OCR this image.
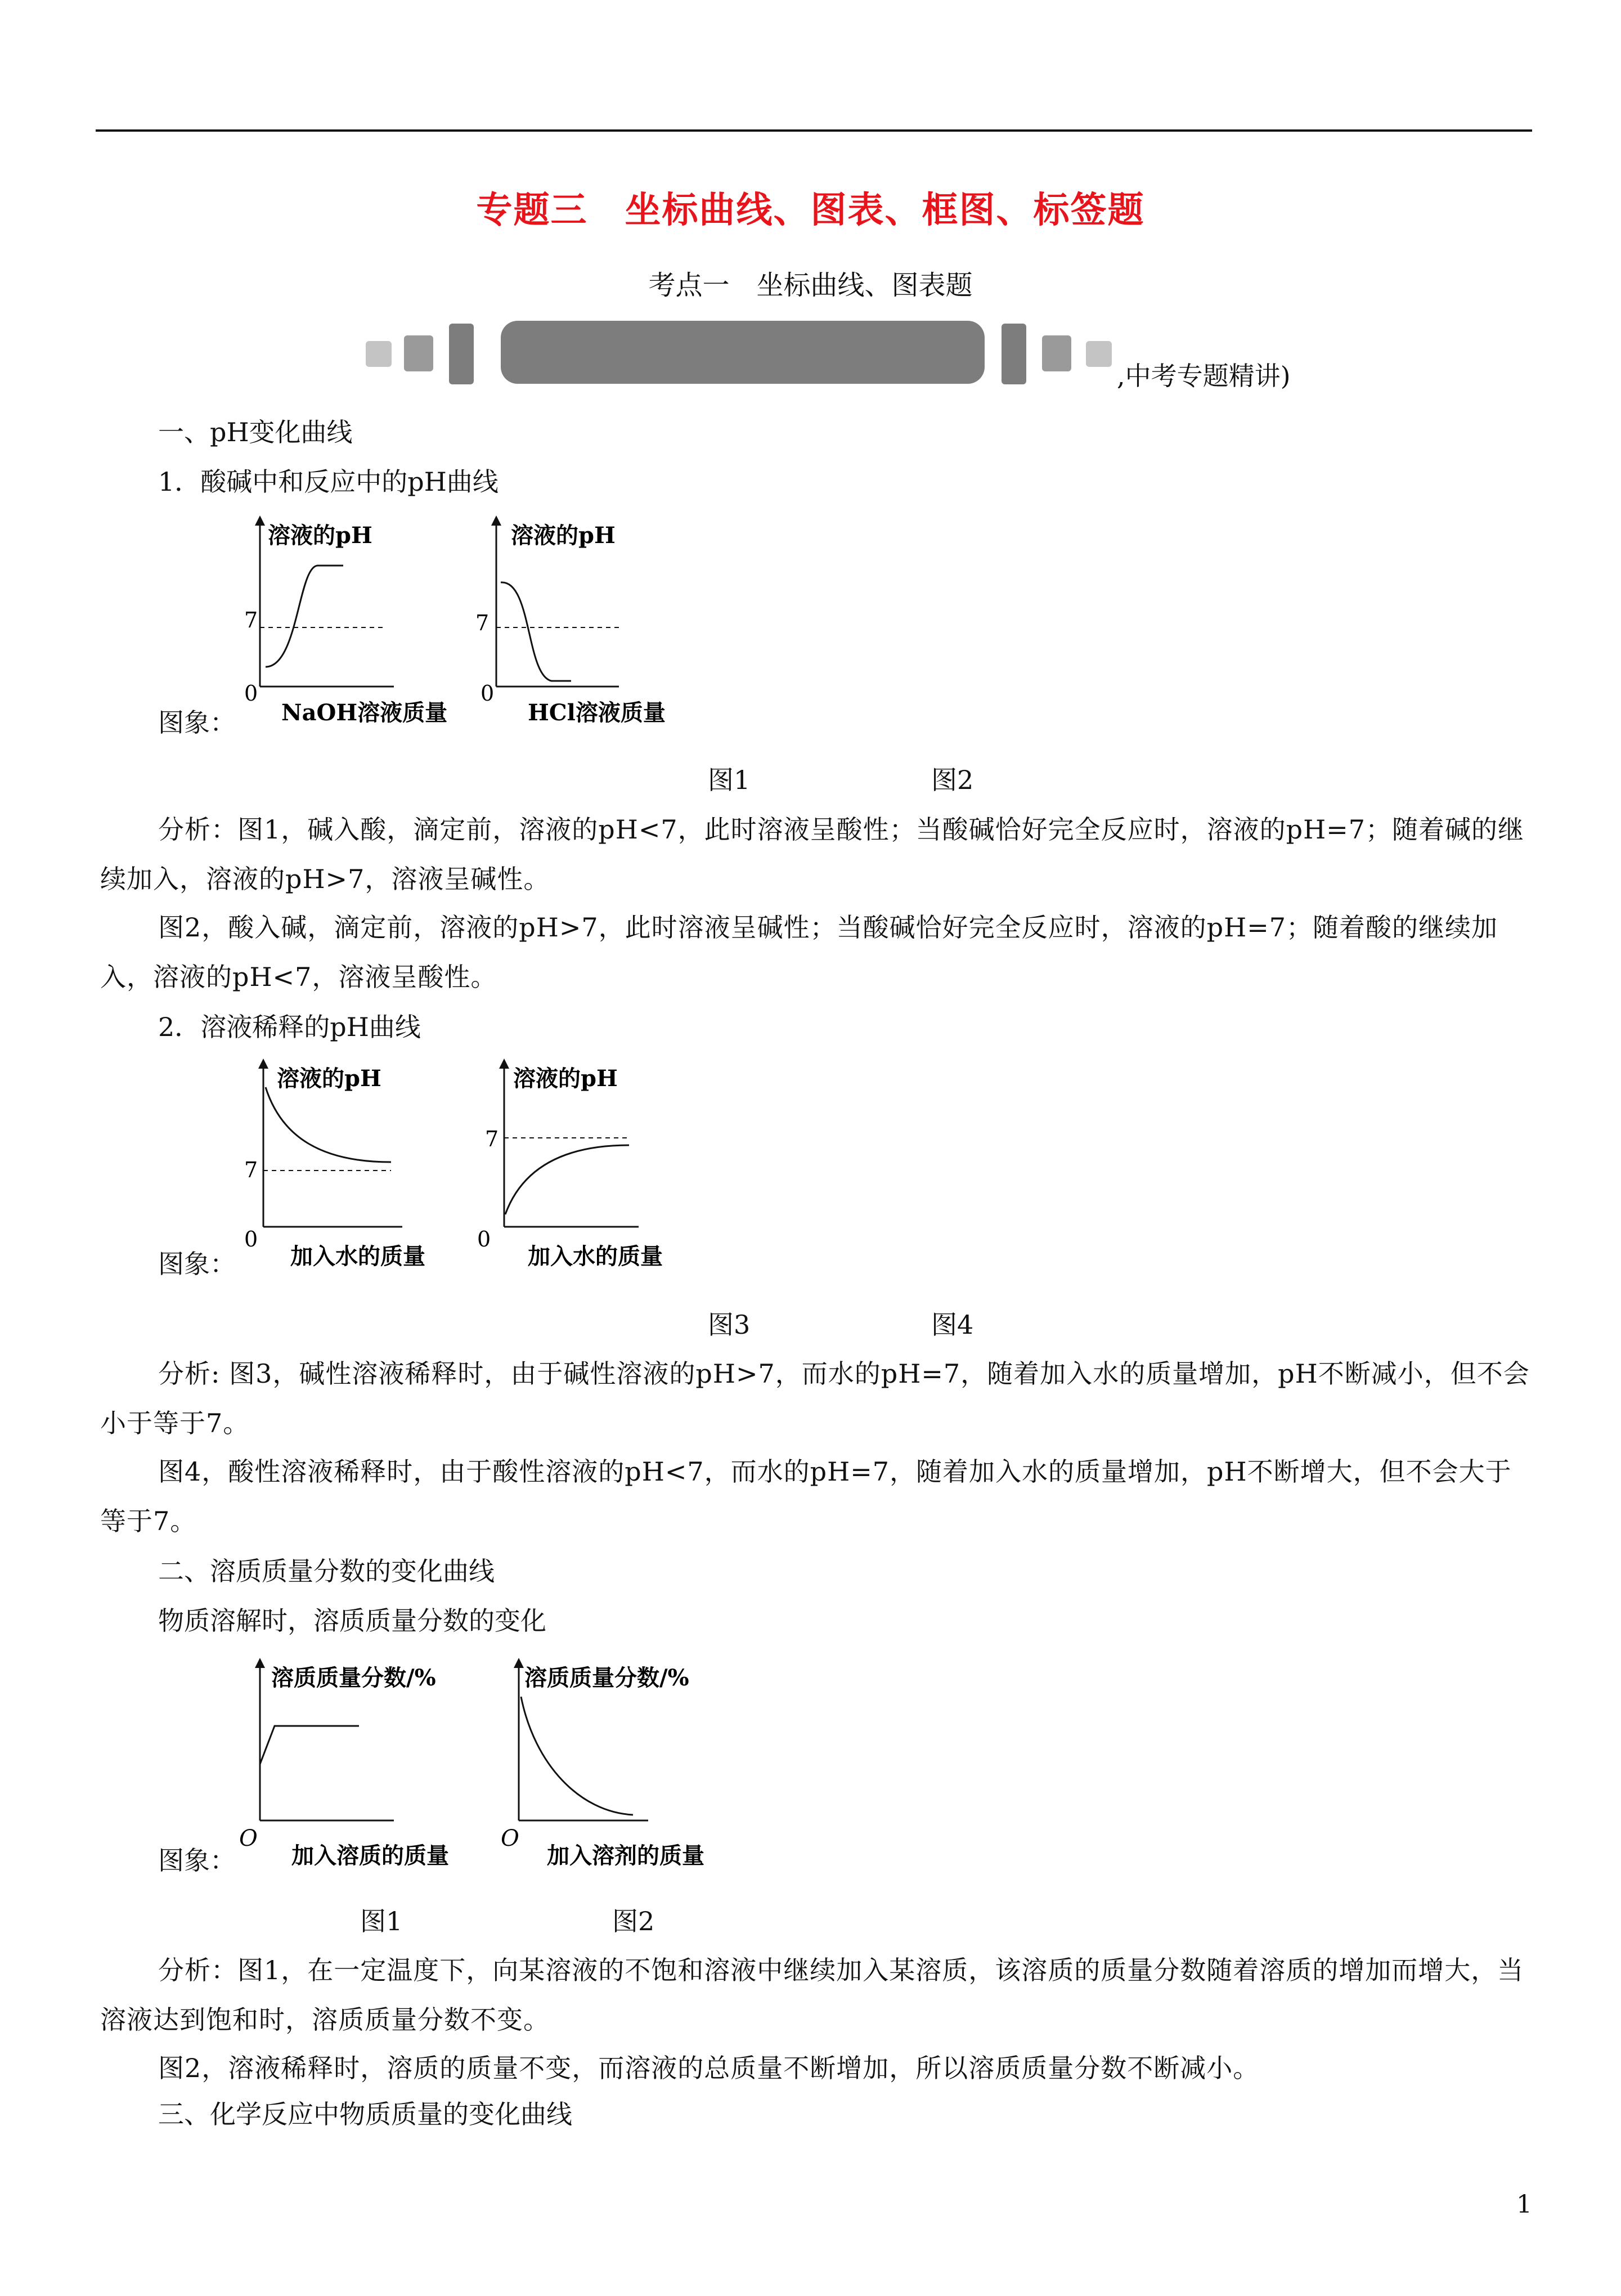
专题三　坐标曲线、图表、框图、标签题
考点一　坐标曲线、图表题
,中考专题精讲)
一、pH变化曲线
1．酸碱中和反应中的pH曲线
图象：
溶液的pH
7
0
NaOH溶液质量
溶液的pH
7
0
HCl溶液质量
图1	图2
分析：图1，碱入酸，滴定前，溶液的pH<7，此时溶液呈酸性；当酸碱恰好完全反应时，溶液的pH=7；随着碱的继续加入，溶液的pH>7，溶液呈碱性。
图2，酸入碱，滴定前，溶液的pH>7，此时溶液呈碱性；当酸碱恰好完全反应时，溶液的pH=7；随着酸的继续加入，溶液的pH<7，溶液呈酸性。
2．溶液稀释的pH曲线
图象：
溶液的pH
7
0
加入水的质量
溶液的pH
7
0
加入水的质量
图3	图4
分析: 图3，碱性溶液稀释时，由于碱性溶液的pH>7，而水的pH=7，随着加入水的质量增加，pH不断减小，但不会小于等于7。
图4，酸性溶液稀释时，由于酸性溶液的pH<7，而水的pH=7，随着加入水的质量增加，pH不断增大，但不会大于等于7。
二、溶质质量分数的变化曲线
物质溶解时，溶质质量分数的变化
图象：
溶质质量分数/%
O
加入溶质的质量
溶质质量分数/%
O
加入溶剂的质量
图1	图2
分析：图1，在一定温度下，向某溶液的不饱和溶液中继续加入某溶质，该溶质的质量分数随着溶质的增加而增大，当溶液达到饱和时，溶质质量分数不变。
图2，溶液稀释时，溶质的质量不变，而溶液的总质量不断增加，所以溶质质量分数不断减小。
三、化学反应中物质质量的变化曲线
1
